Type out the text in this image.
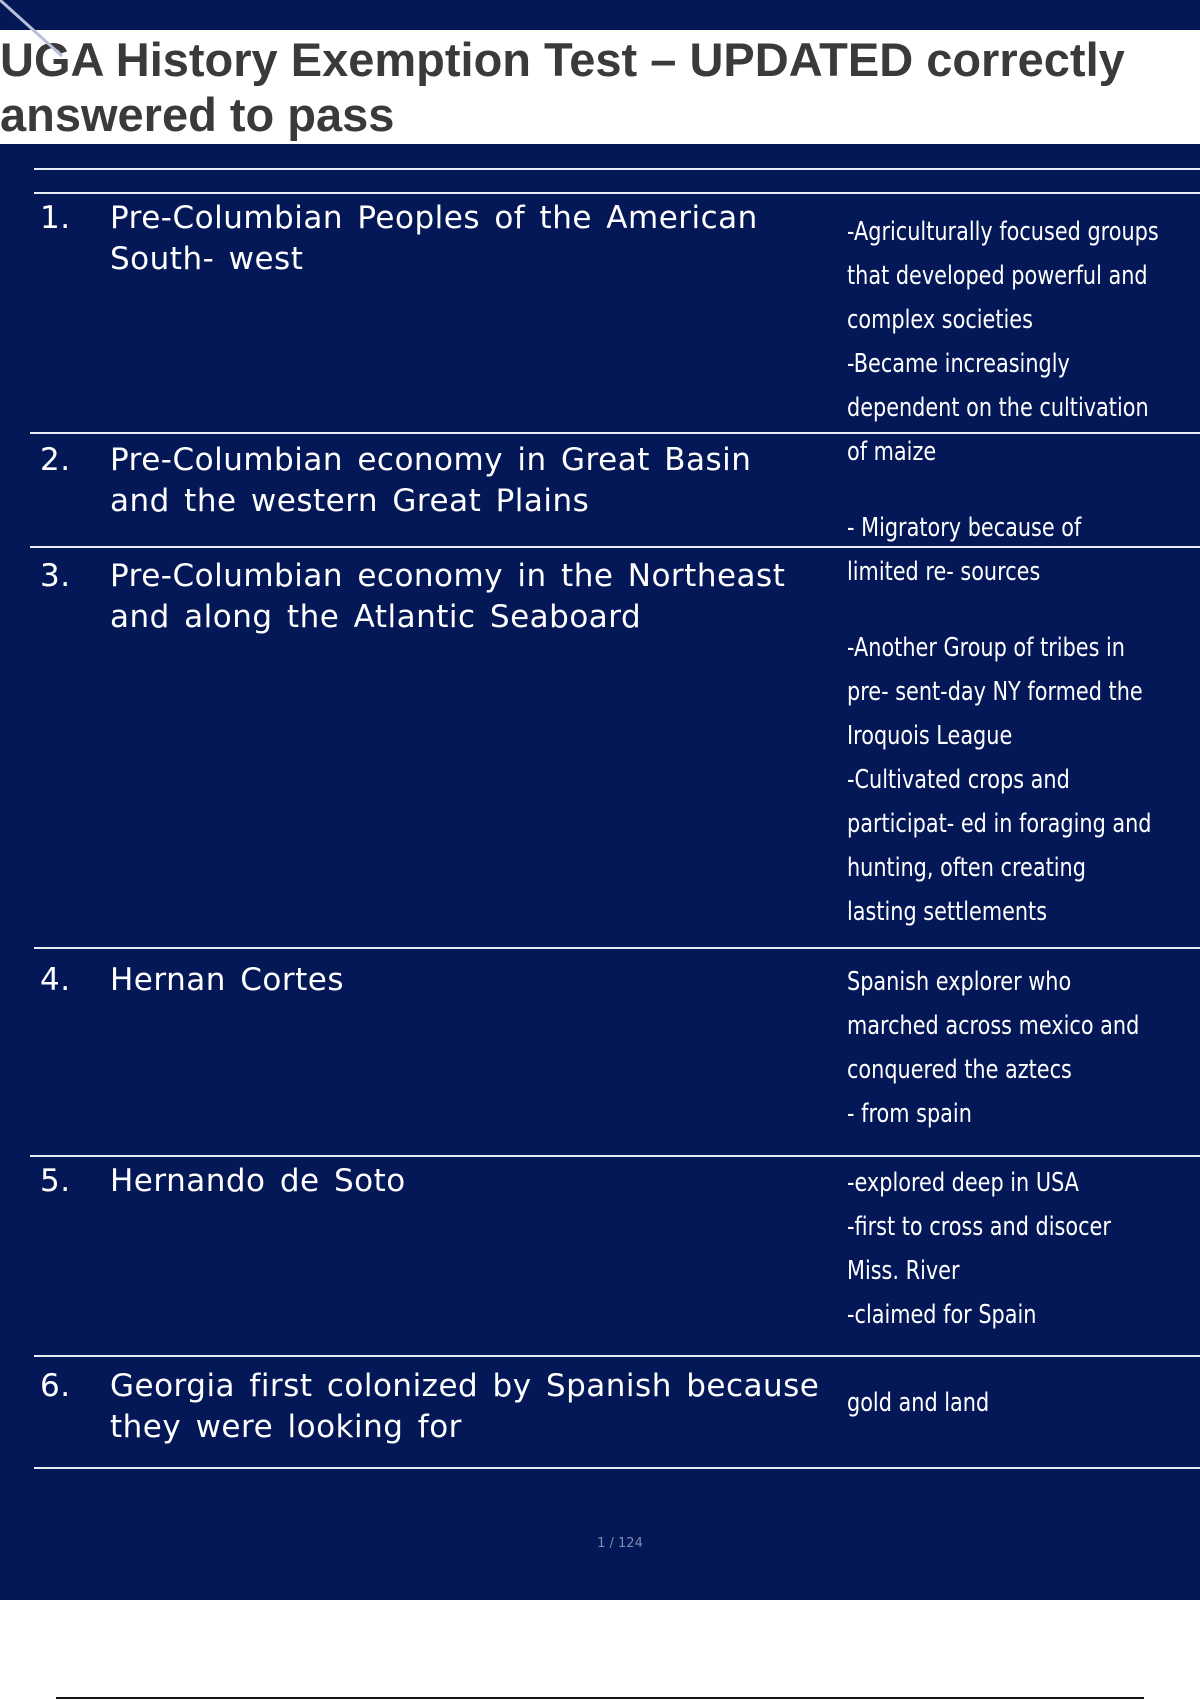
UGA History Exemption Test – UPDATED correctly answered to pass
1. Pre-Columbian Peoples of the American South- west
-Agriculturally focused groups
that developed powerful and
complex societies
-Became increasingly
dependent on the cultivation
of maize
- Migratory because of
limited re- sources
-Another Group of tribes in
pre- sent-day NY formed the
Iroquois League
-Cultivated crops and
participat- ed in foraging and
hunting, often creating
lasting settlements
2. Pre-Columbian economy in Great Basin and the western Great Plains
3. Pre-Columbian economy in the Northeast and along the Atlantic Seaboard
4. Hernan Cortes	Spanish explorer who
marched across mexico and
conquered the aztecs
- from spain
5. Hernando de Soto	-explored deep in USA
-first to cross and disocer
Miss. River
-claimed for Spain
6. Georgia first colonized by Spanish because they were looking for
gold and land
1 / 124
